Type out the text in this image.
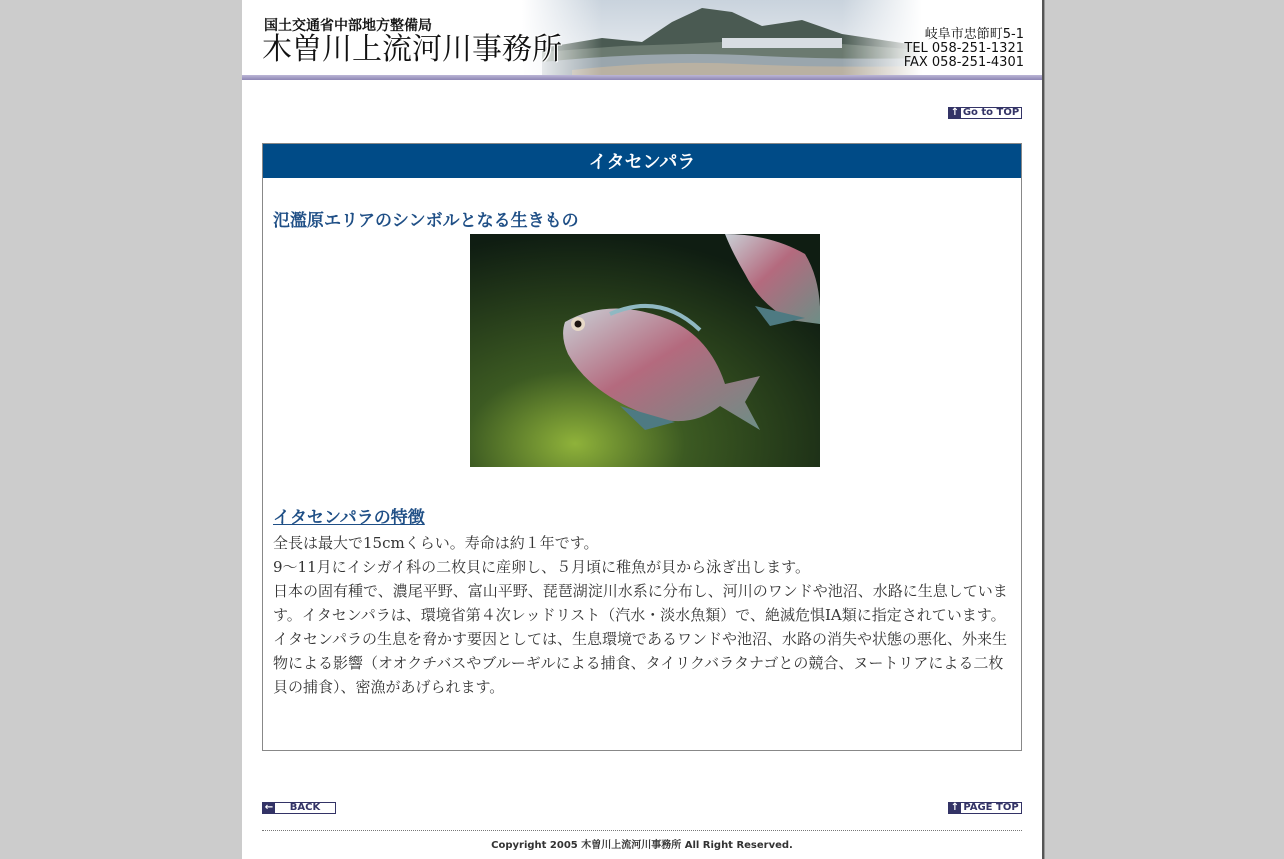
国土交通省中部地方整備局
木曽川上流河川事務所	岐阜市忠節町5-1
TEL 058-251-1321
FAX 058-251-4301
↑ Go to TOP
イタセンパラ
氾濫原エリアのシンボルとなる生きもの
イタセンパラの特徴

全長は最大で15cmくらい。寿命は約１年です。

9～11月にイシガイ科の二枚貝に産卵し、５月頃に稚魚が貝から泳ぎ出します。

日本の固有種で、濃尾平野、富山平野、琵琶湖淀川水系に分布し、河川のワンドや池沼、水路に生息しています。イタセンパラは、環境省第４次レッドリスト（汽水・淡水魚類）で、絶滅危惧IA類に指定されています。

イタセンパラの生息を脅かす要因としては、生息環境であるワンドや池沼、水路の消失や状態の悪化、外来生物による影響（オオクチバスやブルーギルによる捕食、タイリクバラタナゴとの競合、ヌートリアによる二枚貝の捕食）、密漁があげられます。

←	BACK	↑ PAGE TOP
Copyright 2005 木曽川上流河川事務所 All Right Reserved.
